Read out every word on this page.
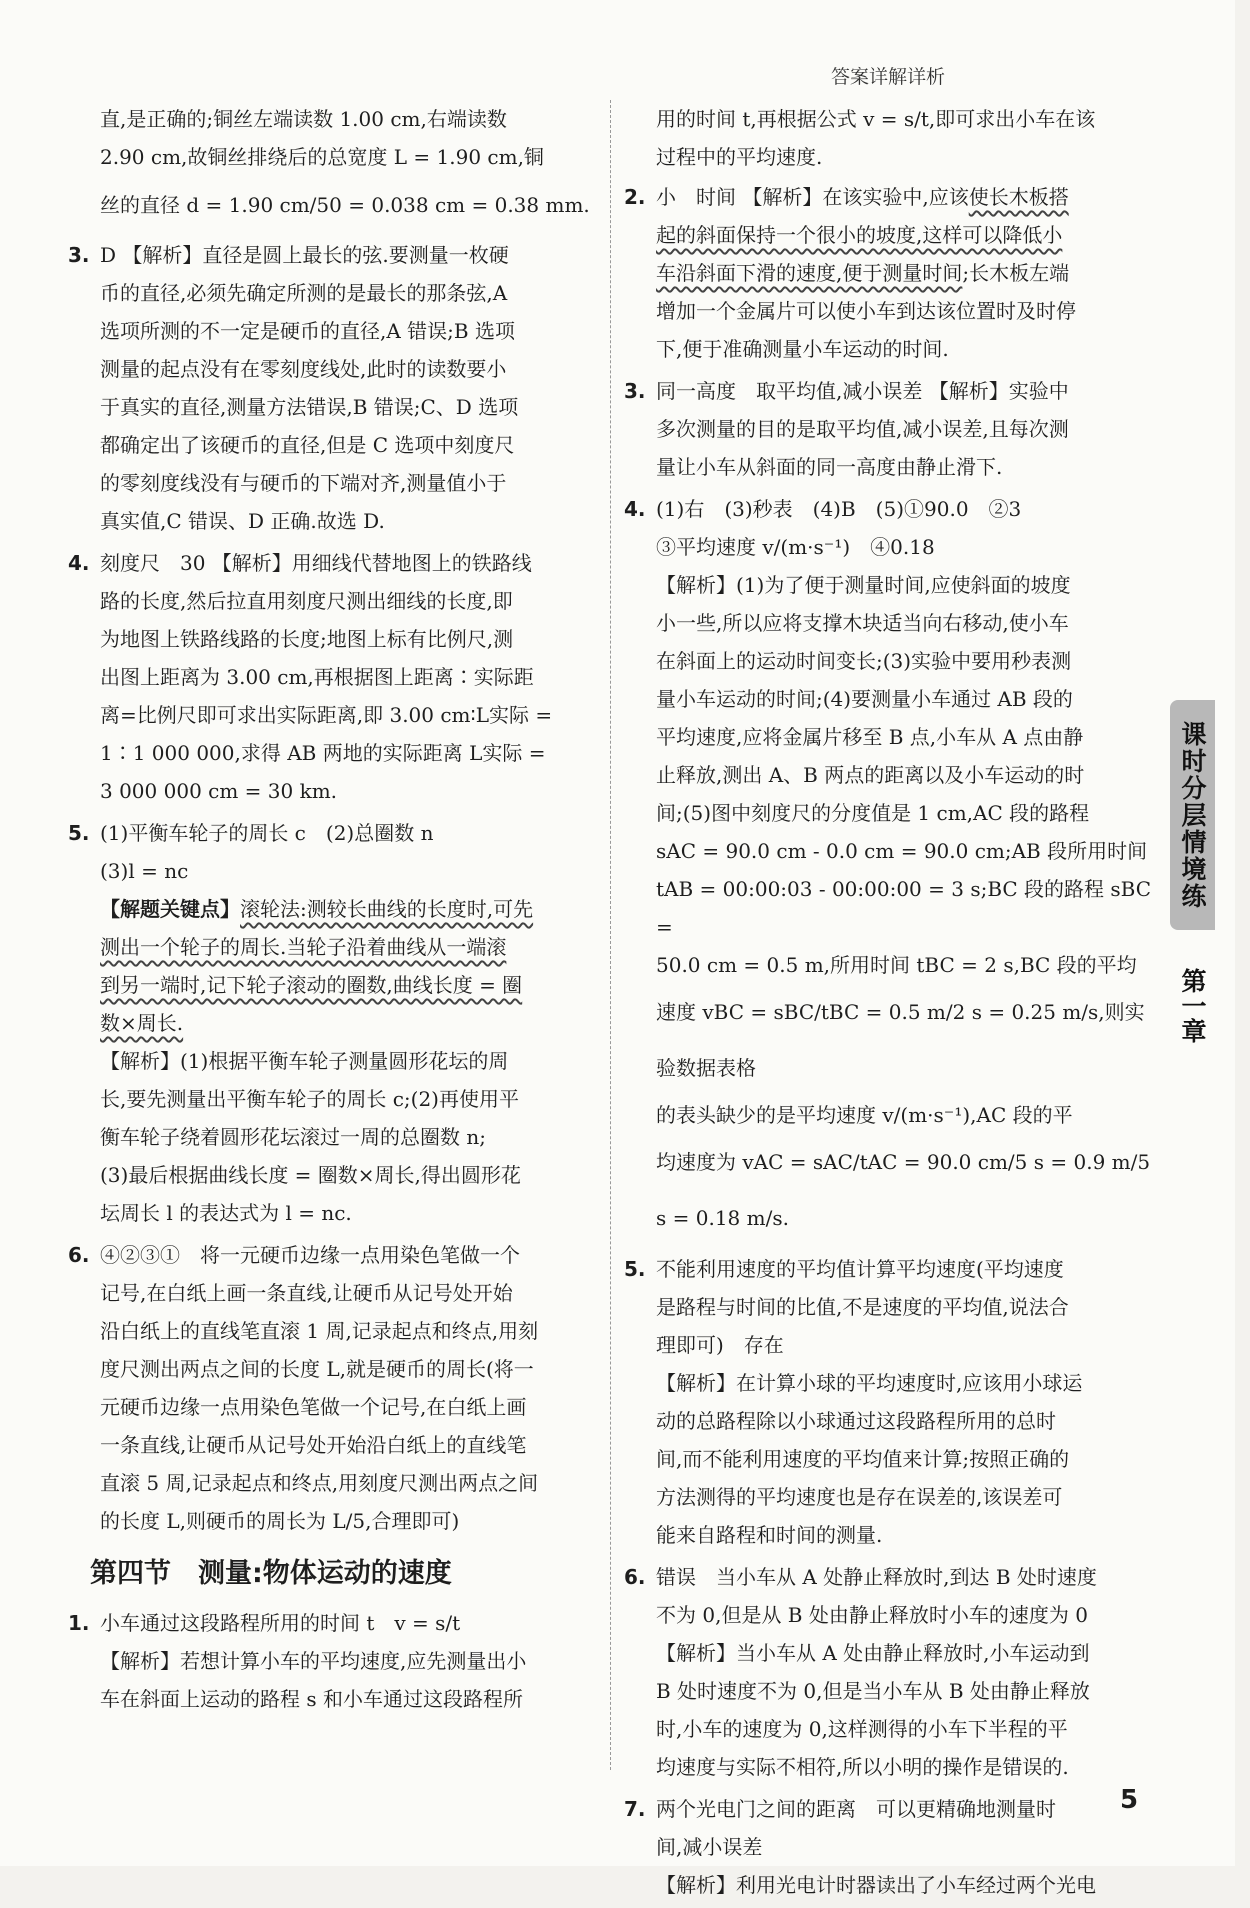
答案详解详析
直,是正确的;铜丝左端读数 1.00 cm,右端读数
2.90 cm,故铜丝排绕后的总宽度 L = 1.90 cm,铜
丝的直径 d = 1.90 cm/50 = 0.038 cm = 0.38 mm.
3. D 【解析】直径是圆上最长的弦.要测量一枚硬
币的直径,必须先确定所测的是最长的那条弦,A
选项所测的不一定是硬币的直径,A 错误;B 选项
测量的起点没有在零刻度线处,此时的读数要小
于真实的直径,测量方法错误,B 错误;C、D 选项
都确定出了该硬币的直径,但是 C 选项中刻度尺
的零刻度线没有与硬币的下端对齐,测量值小于
真实值,C 错误、D 正确.故选 D.
4. 刻度尺　30 【解析】用细线代替地图上的铁路线
路的长度,然后拉直用刻度尺测出细线的长度,即
为地图上铁路线路的长度;地图上标有比例尺,测
出图上距离为 3.00 cm,再根据图上距离∶实际距
离=比例尺即可求出实际距离,即 3.00 cm∶L实际 =
1∶1 000 000,求得 AB 两地的实际距离 L实际 =
3 000 000 cm = 30 km.
5. (1)平衡车轮子的周长 c　(2)总圈数 n
(3)l = nc
【解题关键点】滚轮法:测较长曲线的长度时,可先
测出一个轮子的周长.当轮子沿着曲线从一端滚
到另一端时,记下轮子滚动的圈数,曲线长度 = 圈
数×周长.
【解析】(1)根据平衡车轮子测量圆形花坛的周
长,要先测量出平衡车轮子的周长 c;(2)再使用平
衡车轮子绕着圆形花坛滚过一周的总圈数 n;
(3)最后根据曲线长度 = 圈数×周长,得出圆形花
坛周长 l 的表达式为 l = nc.
6. ④②③①　将一元硬币边缘一点用染色笔做一个
记号,在白纸上画一条直线,让硬币从记号处开始
沿白纸上的直线笔直滚 1 周,记录起点和终点,用刻
度尺测出两点之间的长度 L,就是硬币的周长(将一
元硬币边缘一点用染色笔做一个记号,在白纸上画
一条直线,让硬币从记号处开始沿白纸上的直线笔
直滚 5 周,记录起点和终点,用刻度尺测出两点之间
的长度 L,则硬币的周长为 L/5,合理即可)
第四节　测量:物体运动的速度
1. 小车通过这段路程所用的时间 t　v = s/t
【解析】若想计算小车的平均速度,应先测量出小
车在斜面上运动的路程 s 和小车通过这段路程所
用的时间 t,再根据公式 v = s/t,即可求出小车在该
过程中的平均速度.
2. 小　时间 【解析】在该实验中,应该使长木板搭
起的斜面保持一个很小的坡度,这样可以降低小
车沿斜面下滑的速度,便于测量时间;长木板左端
增加一个金属片可以使小车到达该位置时及时停
下,便于准确测量小车运动的时间.
3. 同一高度　取平均值,减小误差 【解析】实验中
多次测量的目的是取平均值,减小误差,且每次测
量让小车从斜面的同一高度由静止滑下.
4. (1)右　(3)秒表　(4)B　(5)①90.0　②3
③平均速度 v/(m·s⁻¹)　④0.18
【解析】(1)为了便于测量时间,应使斜面的坡度
小一些,所以应将支撑木块适当向右移动,使小车
在斜面上的运动时间变长;(3)实验中要用秒表测
量小车运动的时间;(4)要测量小车通过 AB 段的
平均速度,应将金属片移至 B 点,小车从 A 点由静
止释放,测出 A、B 两点的距离以及小车运动的时
间;(5)图中刻度尺的分度值是 1 cm,AC 段的路程
sAC = 90.0 cm - 0.0 cm = 90.0 cm;AB 段所用时间
tAB = 00:00:03 - 00:00:00 = 3 s;BC 段的路程 sBC =
50.0 cm = 0.5 m,所用时间 tBC = 2 s,BC 段的平均
速度 vBC = sBC/tBC = 0.5 m/2 s = 0.25 m/s,则实验数据表格
的表头缺少的是平均速度 v/(m·s⁻¹),AC 段的平
均速度为 vAC = sAC/tAC = 90.0 cm/5 s = 0.9 m/5 s = 0.18 m/s.
5. 不能利用速度的平均值计算平均速度(平均速度
是路程与时间的比值,不是速度的平均值,说法合
理即可)　存在
【解析】在计算小球的平均速度时,应该用小球运
动的总路程除以小球通过这段路程所用的总时
间,而不能利用速度的平均值来计算;按照正确的
方法测得的平均速度也是存在误差的,该误差可
能来自路程和时间的测量.
6. 错误　当小车从 A 处静止释放时,到达 B 处时速度
不为 0,但是从 B 处由静止释放时小车的速度为 0
【解析】当小车从 A 处由静止释放时,小车运动到
B 处时速度不为 0,但是当小车从 B 处由静止释放
时,小车的速度为 0,这样测得的小车下半程的平
均速度与实际不相符,所以小明的操作是错误的.
7. 两个光电门之间的距离　可以更精确地测量时
间,减小误差
【解析】利用光电计时器读出了小车经过两个光电
课时分层情境练
第一章
5
